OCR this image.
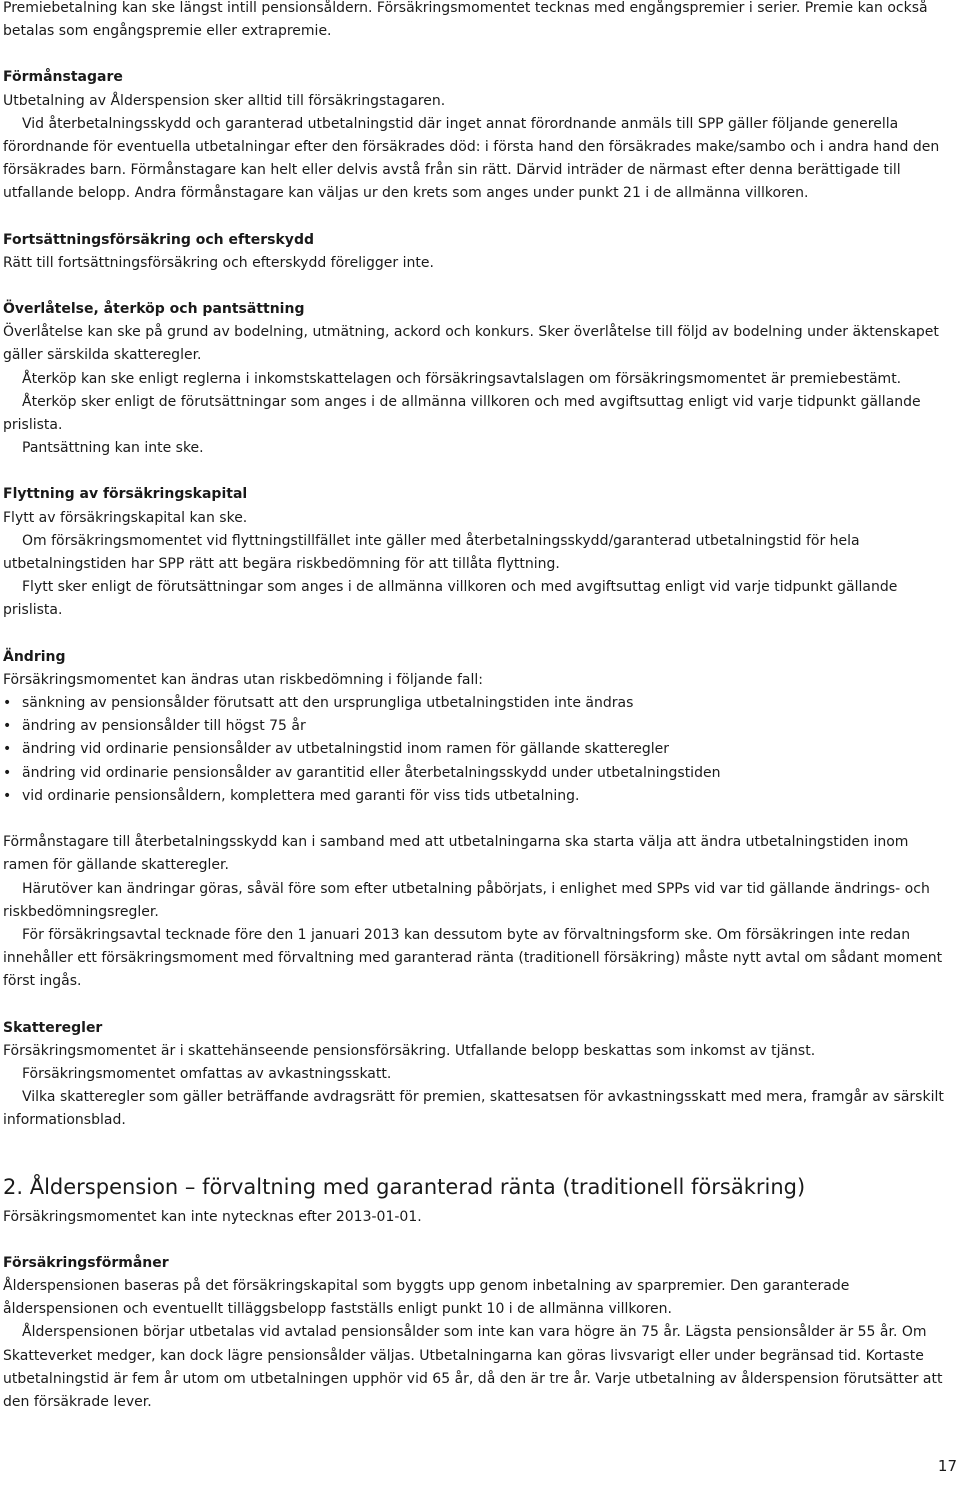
Premiebetalning kan ske längst intill pensionsåldern. Försäkringsmomentet tecknas med engångspremier i serier. Premie kan också betalas som engångspremie eller extrapremie.

Förmånstagare

Utbetalning av Ålderspension sker alltid till försäkringstagaren.

Vid återbetalningsskydd och garanterad utbetalningstid där inget annat förordnande anmäls till SPP gäller följande generella förordnande för eventuella utbetalningar efter den försäkrades död: i första hand den försäkrades make/sambo och i andra hand den försäkrades barn. Förmånstagare kan helt eller delvis avstå från sin rätt. Därvid inträder de närmast efter denna berättigade till utfallande belopp. Andra förmånstagare kan väljas ur den krets som anges under punkt 21 i de allmänna villkoren.

Fortsättningsförsäkring och efterskydd

Rätt till fortsättningsförsäkring och efterskydd föreligger inte.

Överlåtelse, återköp och pantsättning

Överlåtelse kan ske på grund av bodelning, utmätning, ackord och konkurs. Sker överlåtelse till följd av bodelning under äktenskapet gäller särskilda skatteregler.

Återköp kan ske enligt reglerna i inkomstskattelagen och försäkringsavtalslagen om försäkringsmomentet är premiebestämt.

Återköp sker enligt de förutsättningar som anges i de allmänna villkoren och med avgiftsuttag enligt vid varje tidpunkt gällande prislista.

Pantsättning kan inte ske.

Flyttning av försäkringskapital

Flytt av försäkringskapital kan ske.

Om försäkringsmomentet vid flyttningstillfället inte gäller med återbetalningsskydd/garanterad utbetalningstid för hela utbetalningstiden har SPP rätt att begära riskbedömning för att tillåta flyttning.

Flytt sker enligt de förutsättningar som anges i de allmänna villkoren och med avgiftsuttag enligt vid varje tidpunkt gällande prislista.

Ändring

Försäkringsmomentet kan ändras utan riskbedömning i följande fall:

• sänkning av pensionsålder förutsatt att den ursprungliga utbetalningstiden inte ändras
• ändring av pensionsålder till högst 75 år
• ändring vid ordinarie pensionsålder av utbetalningstid inom ramen för gällande skatteregler
• ändring vid ordinarie pensionsålder av garantitid eller återbetalningsskydd under utbetalningstiden
• vid ordinarie pensionsåldern, komplettera med garanti för viss tids utbetalning.

Förmånstagare till återbetalningsskydd kan i samband med att utbetalningarna ska starta välja att ändra utbetalningstiden inom ramen för gällande skatteregler.

Härutöver kan ändringar göras, såväl före som efter utbetalning påbörjats, i enlighet med SPPs vid var tid gällande ändrings- och riskbedömningsregler.

För försäkringsavtal tecknade före den 1 januari 2013 kan dessutom byte av förvaltningsform ske. Om försäkringen inte redan innehåller ett försäkringsmoment med förvaltning med garanterad ränta (traditionell försäkring) måste nytt avtal om sådant moment först ingås.

Skatteregler

Försäkringsmomentet är i skattehänseende pensionsförsäkring. Utfallande belopp beskattas som inkomst av tjänst.

Försäkringsmomentet omfattas av avkastningsskatt.

Vilka skatteregler som gäller beträffande avdragsrätt för premien, skattesatsen för avkastningsskatt med mera, framgår av särskilt informationsblad.

2. Ålderspension – förvaltning med garanterad ränta (traditionell försäkring)

Försäkringsmomentet kan inte nytecknas efter 2013-01-01.

Försäkringsförmåner

Ålderspensionen baseras på det försäkringskapital som byggts upp genom inbetalning av sparpremier. Den garanterade ålderspensionen och eventuellt tilläggsbelopp fastställs enligt punkt 10 i de allmänna villkoren.

Ålderspensionen börjar utbetalas vid avtalad pensionsålder som inte kan vara högre än 75 år. Lägsta pensionsålder är 55 år. Om Skatteverket medger, kan dock lägre pensionsålder väljas. Utbetalningarna kan göras livsvarigt eller under begränsad tid. Kortaste utbetalningstid är fem år utom om utbetalningen upphör vid 65 år, då den är tre år. Varje utbetalning av ålderspension förutsätter att den försäkrade lever.

17
